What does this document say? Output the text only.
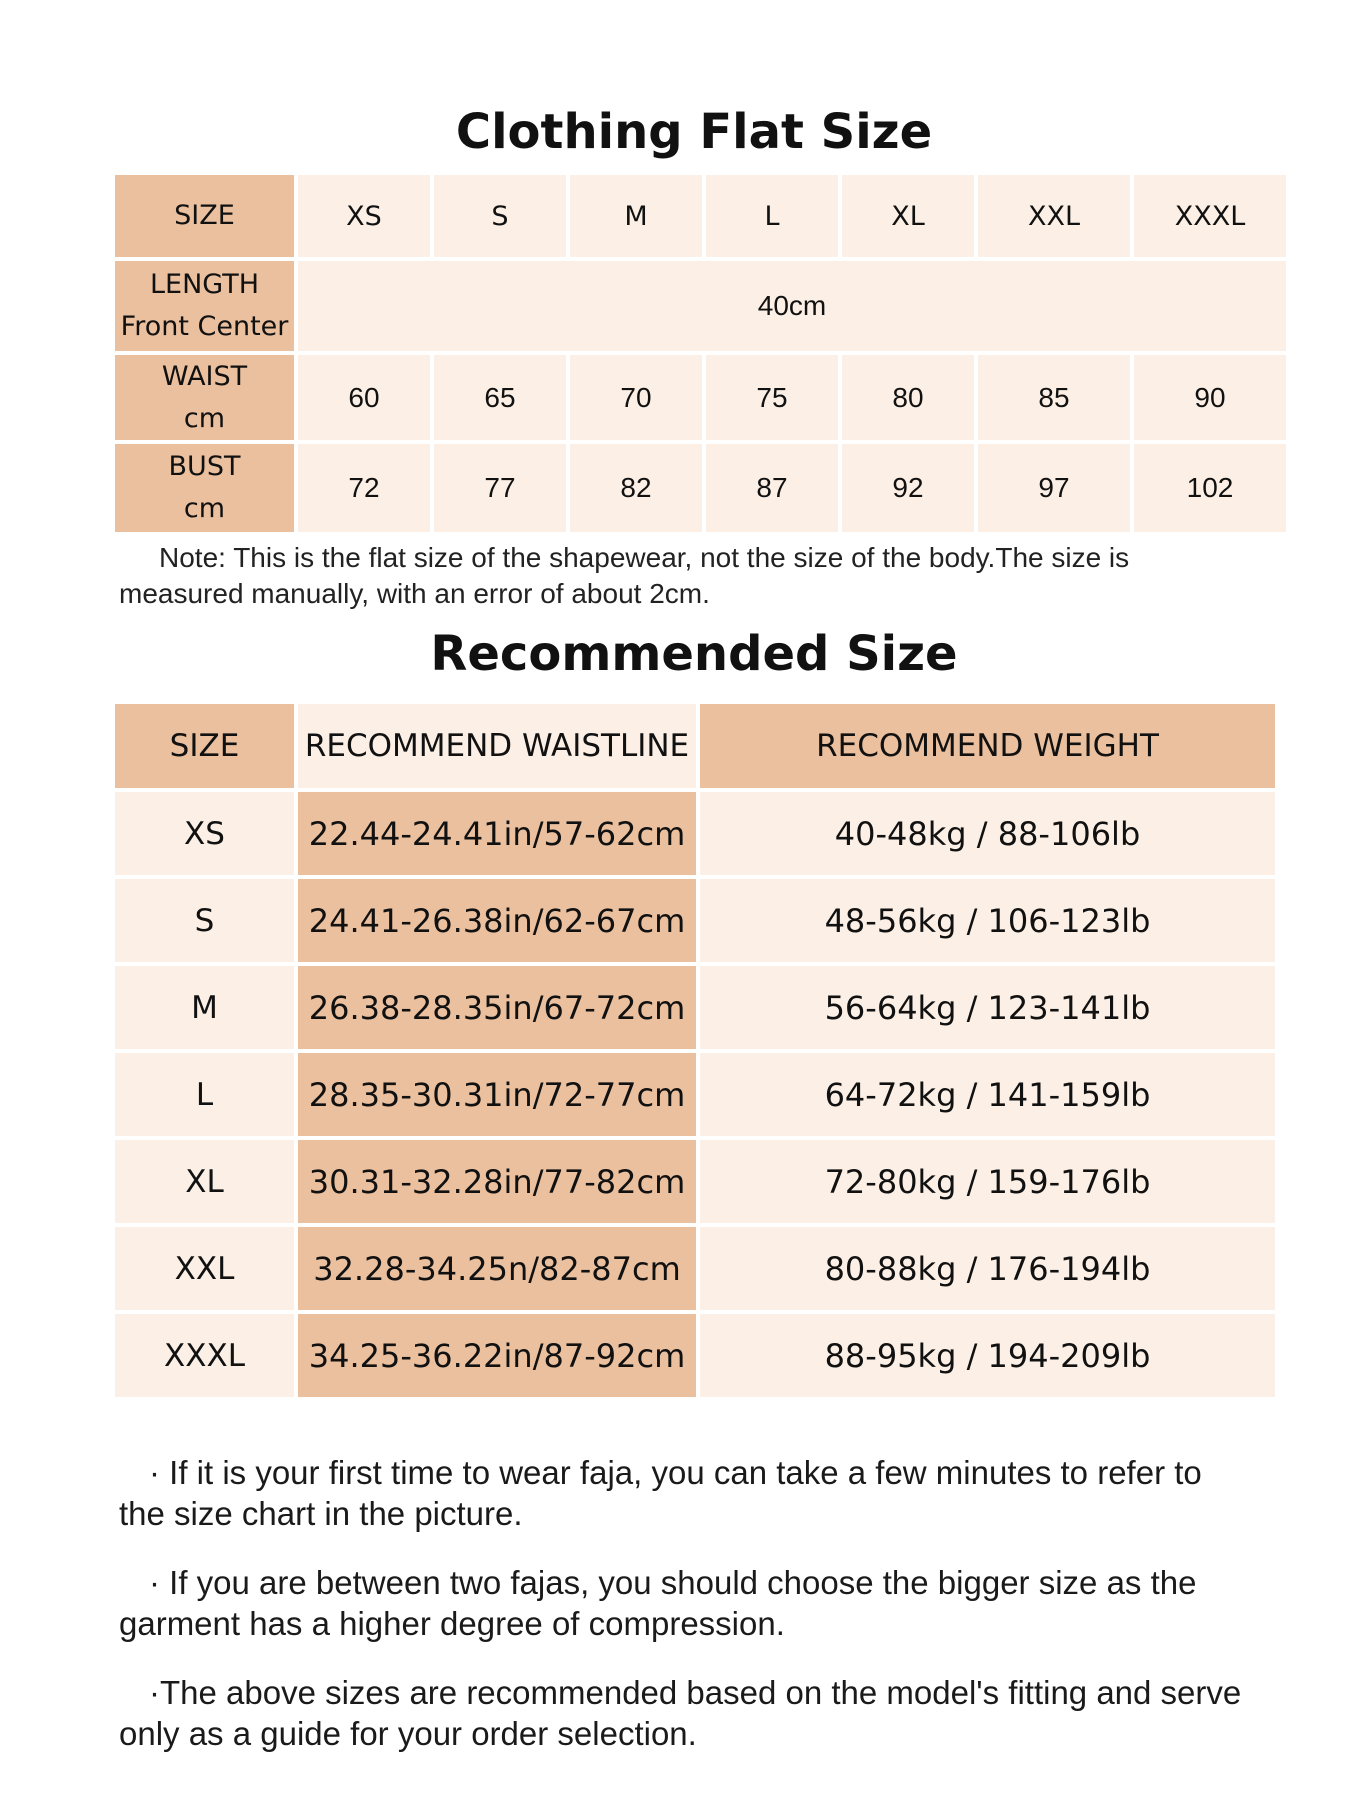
Clothing Flat Size
SIZE	XS	S	M	L	XL	XXL	XXXL

LENGTH
Front Center	40cm						

WAIST
cm	60	65	70	75	80	85	90

BUST
cm	72	77	82	87	92	97	102

Note: This is the flat size of the shapewear, not the size of the body.The size is measured manually, with an error of about 2cm.

Recommended Size
SIZE	RECOMMEND WAISTLINE	RECOMMEND WEIGHT
XS	22.44-24.41in/57-62cm	40-48kg / 88-106lb
S	24.41-26.38in/62-67cm	48-56kg / 106-123lb
M	26.38-28.35in/67-72cm	56-64kg / 123-141lb
L	28.35-30.31in/72-77cm	64-72kg / 141-159lb
XL	30.31-32.28in/77-82cm	72-80kg / 159-176lb
XXL	32.28-34.25n/82-87cm	80-88kg / 176-194lb
XXXL	34.25-36.22in/87-92cm	88-95kg / 194-209lb

· If it is your first time to wear faja, you can take a few minutes to refer to the size chart in the picture.

· If you are between two fajas, you should choose the bigger size as the garment has a higher degree of compression.

·The above sizes are recommended based on the model's fitting and serve only as a guide for your order selection.
